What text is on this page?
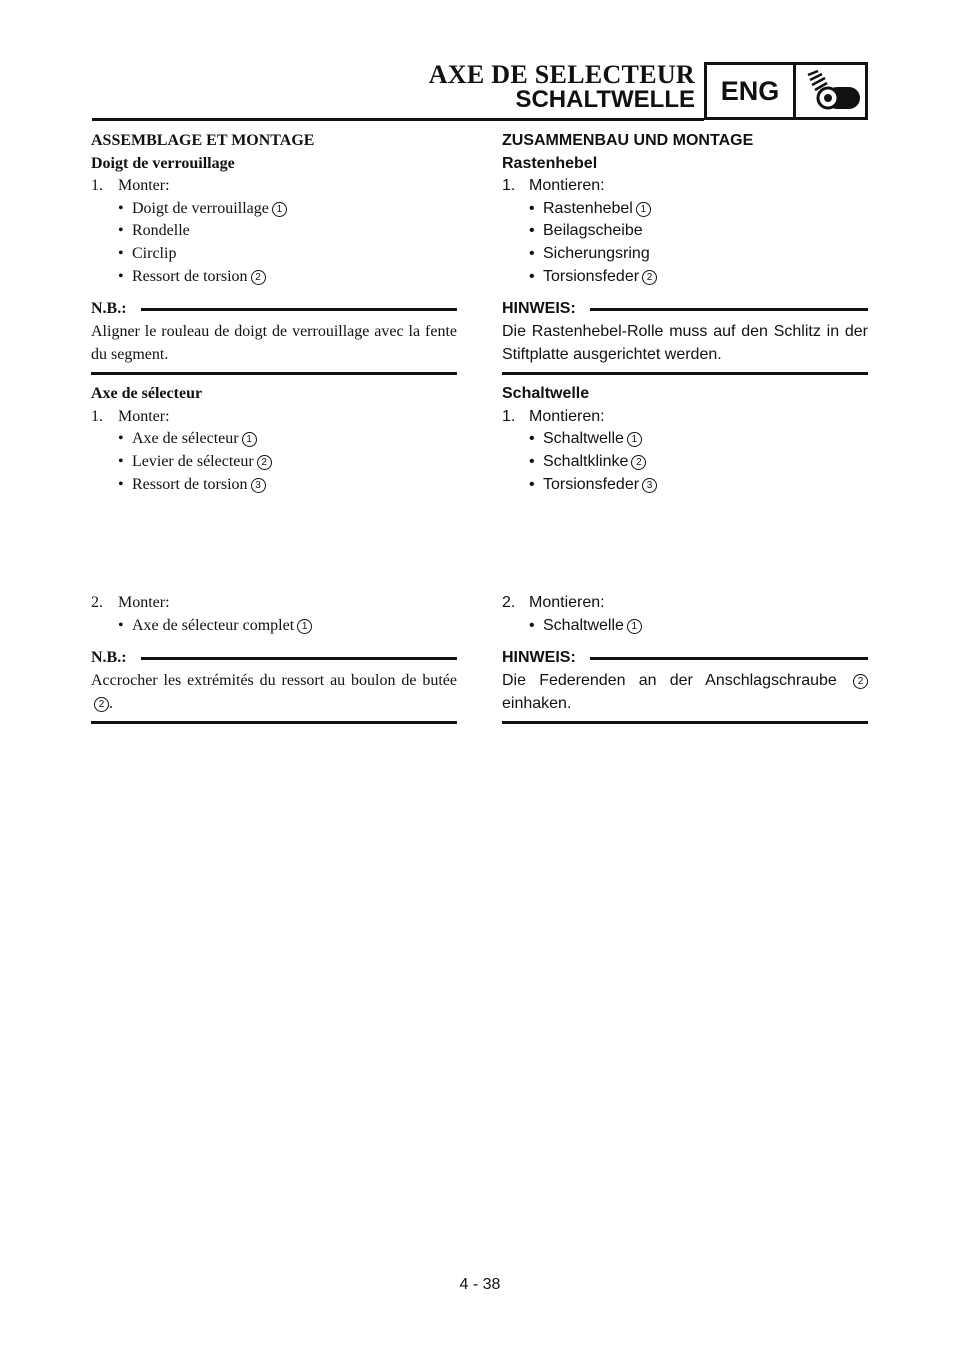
AXE DE SELECTEUR
SCHALTWELLE ENG
ASSEMBLAGE ET MONTAGE
Doigt de verrouillage
1. Monter:
• Doigt de verrouillage 1
• Rondelle
• Circlip
• Ressort de torsion 2
N.B.:
Aligner le rouleau de doigt de verrouillage avec la fente du segment.
Axe de sélecteur
1. Monter:
• Axe de sélecteur 1
• Levier de sélecteur 2
• Ressort de torsion 3
2. Monter:
• Axe de sélecteur complet 1
N.B.:
Accrocher les extrémités du ressort au boulon de butée 2 .
ZUSAMMENBAU UND MONTAGE
Rastenhebel
1. Montieren:
• Rastenhebel 1
• Beilagscheibe
• Sicherungsring
• Torsionsfeder 2
HINWEIS:
Die Rastenhebel-Rolle muss auf den Schlitz in der Stiftplatte ausgerichtet werden.
Schaltwelle
1. Montieren:
• Schaltwelle 1
• Schaltklinke 2
• Torsionsfeder 3
2. Montieren:
• Schaltwelle 1
HINWEIS:
Die Federenden an der Anschlagschraube 2 einhaken.
4 - 38
